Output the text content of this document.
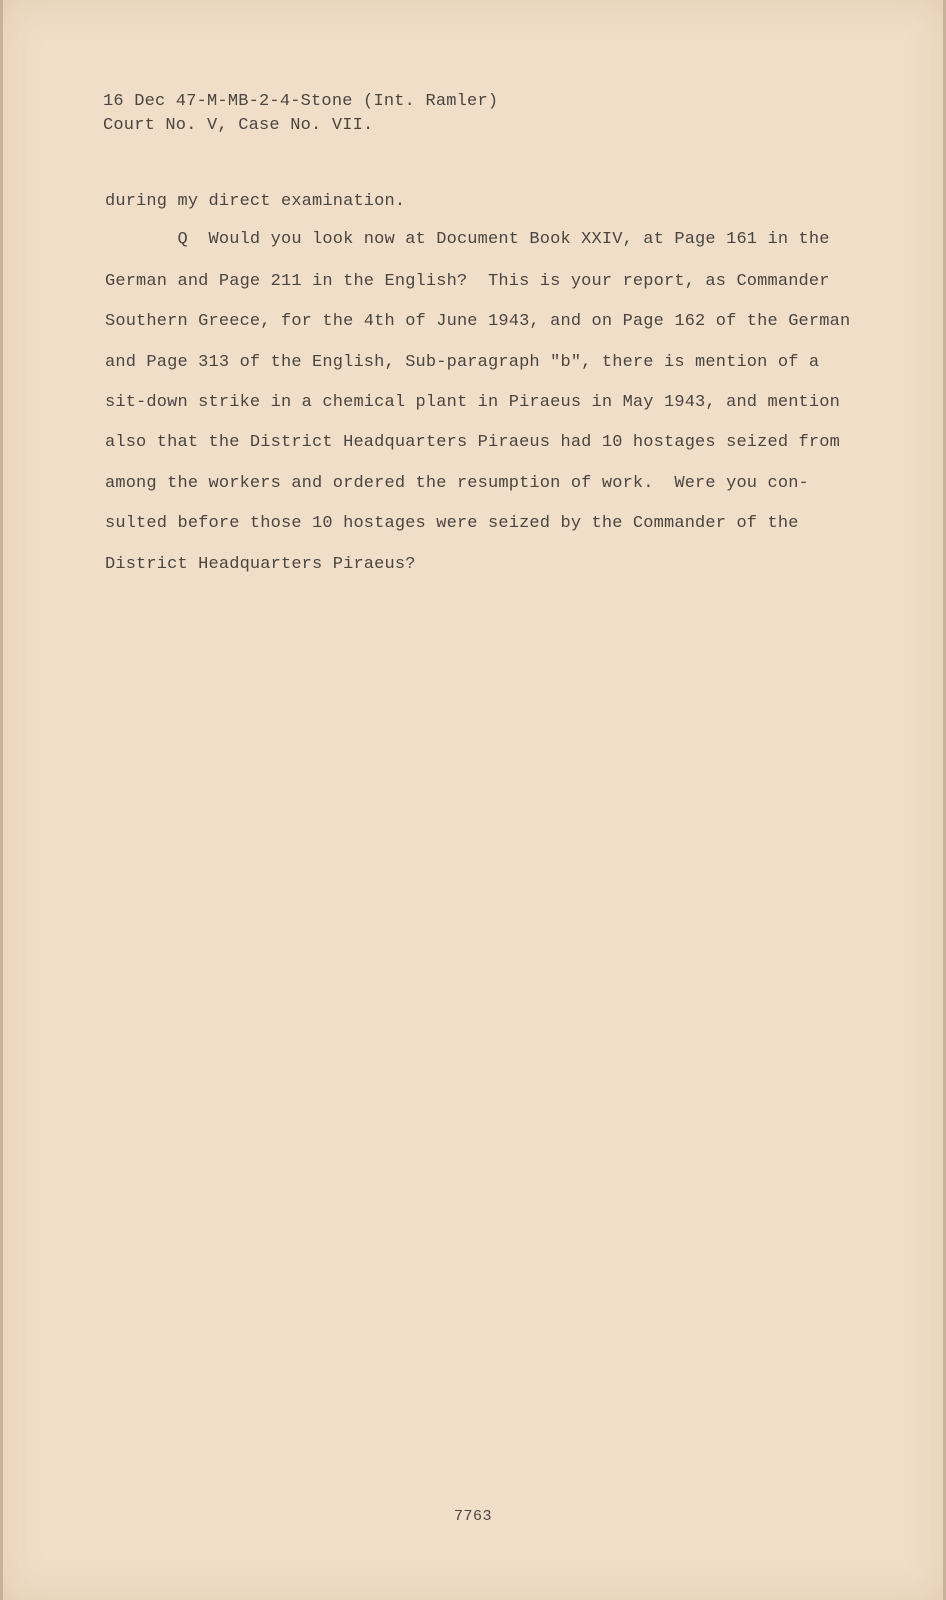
16 Dec 47-M-MB-2-4-Stone (Int. Ramler)
Court No. V, Case No. VII.
during my direct examination.
Q  Would you look now at Document Book XXIV, at Page 161 in the
German and Page 211 in the English?  This is your report, as Commander
Southern Greece, for the 4th of June 1943, and on Page 162 of the German
and Page 313 of the English, Sub-paragraph "b", there is mention of a
sit-down strike in a chemical plant in Piraeus in May 1943, and mention
also that the District Headquarters Piraeus had 10 hostages seized from
among the workers and ordered the resumption of work.  Were you con-
sulted before those 10 hostages were seized by the Commander of the
District Headquarters Piraeus?
7763
